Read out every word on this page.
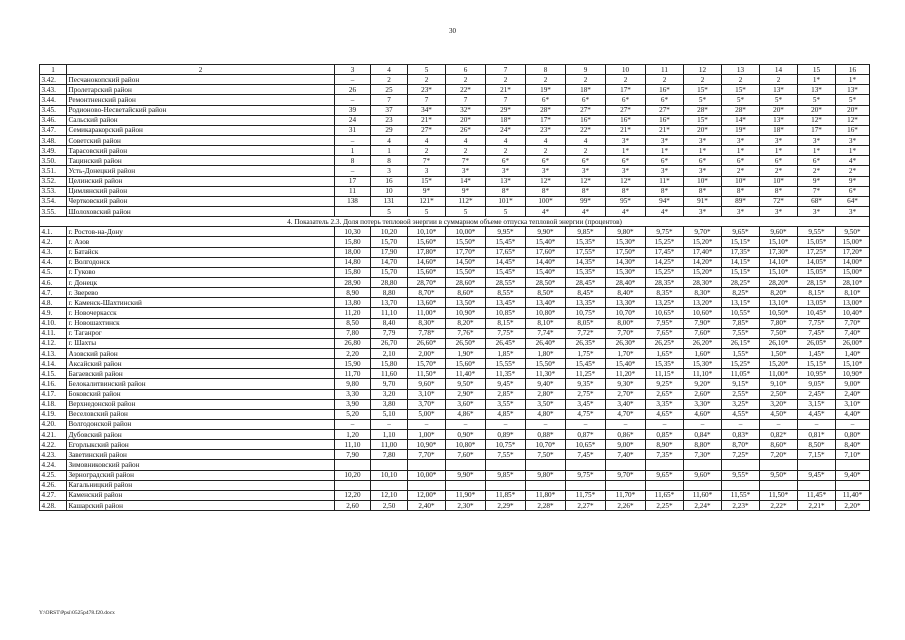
30
1	2	3	4	5	6	7	8	9	10	11	12	13	14	15	16
3.42.	Песчанокопский район	–	2	2	2	2	2	2	2	2	2	2	2	1*	1*
3.43.	Пролетарский район	26	25	23*	22*	21*	19*	18*	17*	16*	15*	15*	13*	13*	13*
3.44.	Ремонтненский район	–	7	7	7	7	6*	6*	6*	6*	5*	5*	5*	5*	5*
3.45.	Родионово-Несветайский район	39	37	34*	32*	29*	28*	27*	27*	27*	28*	28*	20*	20*	20*
3.46.	Сальский район	24	23	21*	20*	18*	17*	16*	16*	16*	15*	14*	13*	12*	12*
3.47.	Семикаракорский район	31	29	27*	26*	24*	23*	22*	21*	21*	20*	19*	18*	17*	16*
3.48.	Советский район	–	4	4	4	4	4	4	3*	3*	3*	3*	3*	3*	3*
3.49.	Тарасовский район	1	1	2	2	2	2	2	1*	1*	1*	1*	1*	1*	1*
3.50.	Тацинский район	8	8	7*	7*	6*	6*	6*	6*	6*	6*	6*	6*	6*	4*
3.51.	Усть-Донецкий район	–	3	3	3*	3*	3*	3*	3*	3*	3*	2*	2*	2*	2*
3.52.	Целинский район	17	16	15*	14*	13*	12*	12*	12*	11*	10*	10*	10*	9*	9*
3.53.	Цимлянский район	11	10	9*	9*	8*	8*	8*	8*	8*	8*	8*	8*	7*	6*
3.54.	Чертковский район	138	131	121*	112*	101*	100*	99*	95*	94*	91*	89*	72*	68*	64*
3.55.	Шолоховский район		5	5	5	5	4*	4*	4*	4*	3*	3*	3*	3*	3*
4. Показатель 2.3. Доля потерь тепловой энергии в суммарном объеме отпуска тепловой энергии (процентов)															
4.1.	г. Ростов-на-Дону	10,30	10,20	10,10*	10,00*	9,95*	9,90*	9,85*	9,80*	9,75*	9,70*	9,65*	9,60*	9,55*	9,50*
4.2.	г. Азов	15,80	15,70	15,60*	15,50*	15,45*	15,40*	15,35*	15,30*	15,25*	15,20*	15,15*	15,10*	15,05*	15,00*
4.3.	г. Батайск	18,00	17,90	17,80*	17,70*	17,65*	17,60*	17,55*	17,50*	17,45*	17,40*	17,35*	17,30*	17,25*	17,20*
4.4.	г. Волгодонск	14,80	14,70	14,60*	14,50*	14,45*	14,40*	14,35*	14,30*	14,25*	14,20*	14,15*	14,10*	14,05*	14,00*
4.5.	г. Гуково	15,80	15,70	15,60*	15,50*	15,45*	15,40*	15,35*	15,30*	15,25*	15,20*	15,15*	15,10*	15,05*	15,00*
4.6.	г. Донецк	28,90	28,80	28,70*	28,60*	28,55*	28,50*	28,45*	28,40*	28,35*	28,30*	28,25*	28,20*	28,15*	28,10*
4.7.	г. Зверево	8,90	8,80	8,70*	8,60*	8,55*	8,50*	8,45*	8,40*	8,35*	8,30*	8,25*	8,20*	8,15*	8,10*
4.8.	г. Каменск-Шахтинский	13,80	13,70	13,60*	13,50*	13,45*	13,40*	13,35*	13,30*	13,25*	13,20*	13,15*	13,10*	13,05*	13,00*
4.9.	г. Новочеркасск	11,20	11,10	11,00*	10,90*	10,85*	10,80*	10,75*	10,70*	10,65*	10,60*	10,55*	10,50*	10,45*	10,40*
4.10.	г. Новошахтинск	8,50	8,40	8,30*	8,20*	8,15*	8,10*	8,05*	8,00*	7,95*	7,90*	7,85*	7,80*	7,75*	7,70*
4.11.	г. Таганрог	7,80	7,79	7,78*	7,76*	7,75*	7,74*	7,72*	7,70*	7,65*	7,60*	7,55*	7,50*	7,45*	7,40*
4.12.	г. Шахты	26,80	26,70	26,60*	26,50*	26,45*	26,40*	26,35*	26,30*	26,25*	26,20*	26,15*	26,10*	26,05*	26,00*
4.13.	Азовский район	2,20	2,10	2,00*	1,90*	1,85*	1,80*	1,75*	1,70*	1,65*	1,60*	1,55*	1,50*	1,45*	1,40*
4.14.	Аксайский район	15,90	15,80	15,70*	15,60*	15,55*	15,50*	15,45*	15,40*	15,35*	15,30*	15,25*	15,20*	15,15*	15,10*
4.15.	Багаевский район	11,70	11,60	11,50*	11,40*	11,35*	11,30*	11,25*	11,20*	11,15*	11,10*	11,05*	11,00*	10,95*	10,90*
4.16.	Белокалитвинский район	9,80	9,70	9,60*	9,50*	9,45*	9,40*	9,35*	9,30*	9,25*	9,20*	9,15*	9,10*	9,05*	9,00*
4.17.	Боковский район	3,30	3,20	3,10*	2,90*	2,85*	2,80*	2,75*	2,70*	2,65*	2,60*	2,55*	2,50*	2,45*	2,40*
4.18.	Верхнедонской район	3,90	3,80	3,70*	3,60*	3,55*	3,50*	3,45*	3,40*	3,35*	3,30*	3,25*	3,20*	3,15*	3,10*
4.19.	Веселовский район	5,20	5,10	5,00*	4,86*	4,85*	4,80*	4,75*	4,70*	4,65*	4,60*	4,55*	4,50*	4,45*	4,40*
4.20.	Волгодонской район	–	–	–	–	–	–	–	–	–	–	–	–	–	–
4.21.	Дубовский район	1,20	1,10	1,00*	0,90*	0,89*	0,88*	0,87*	0,86*	0,85*	0,84*	0,83*	0,82*	0,81*	0,80*
4.22.	Егорлыкский район	11,10	11,00	10,90*	10,80*	10,75*	10,70*	10,65*	9,00*	8,90*	8,80*	8,70*	8,60*	8,50*	8,40*
4.23.	Заветинский район	7,90	7,80	7,70*	7,60*	7,55*	7,50*	7,45*	7,40*	7,35*	7,30*	7,25*	7,20*	7,15*	7,10*
4.24.	Зимовниковский район														
4.25.	Зерноградский район	10,20	10,10	10,00*	9,90*	9,85*	9,80*	9,75*	9,70*	9,65*	9,60*	9,55*	9,50*	9,45*	9,40*
4.26.	Кагальницкий район														
4.27.	Каменский район	12,20	12,10	12,00*	11,90*	11,85*	11,80*	11,75*	11,70*	11,65*	11,60*	11,55*	11,50*	11,45*	11,40*
4.28.	Кашарский район	2,60	2,50	2,40*	2,30*	2,29*	2,28*	2,27*	2,26*	2,25*	2,24*	2,23*	2,22*	2,21*	2,20*
Y:\ORST\Ppsi\0525p478.f20.docx
